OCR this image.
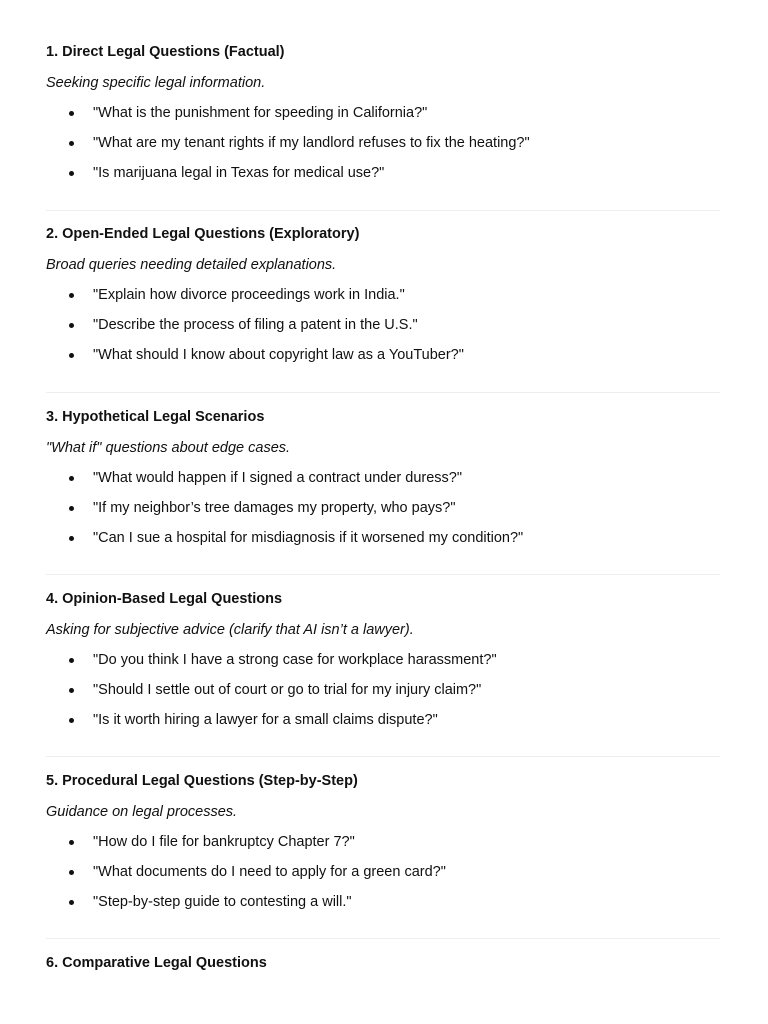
1. Direct Legal Questions (Factual)
Seeking specific legal information.
"What is the punishment for speeding in California?"
"What are my tenant rights if my landlord refuses to fix the heating?"
"Is marijuana legal in Texas for medical use?"
2. Open-Ended Legal Questions (Exploratory)
Broad queries needing detailed explanations.
"Explain how divorce proceedings work in India."
"Describe the process of filing a patent in the U.S."
"What should I know about copyright law as a YouTuber?"
3. Hypothetical Legal Scenarios
"What if" questions about edge cases.
"What would happen if I signed a contract under duress?"
"If my neighbor’s tree damages my property, who pays?"
"Can I sue a hospital for misdiagnosis if it worsened my condition?"
4. Opinion-Based Legal Questions
Asking for subjective advice (clarify that AI isn’t a lawyer).
"Do you think I have a strong case for workplace harassment?"
"Should I settle out of court or go to trial for my injury claim?"
"Is it worth hiring a lawyer for a small claims dispute?"
5. Procedural Legal Questions (Step-by-Step)
Guidance on legal processes.
"How do I file for bankruptcy Chapter 7?"
"What documents do I need to apply for a green card?"
"Step-by-step guide to contesting a will."
6. Comparative Legal Questions
